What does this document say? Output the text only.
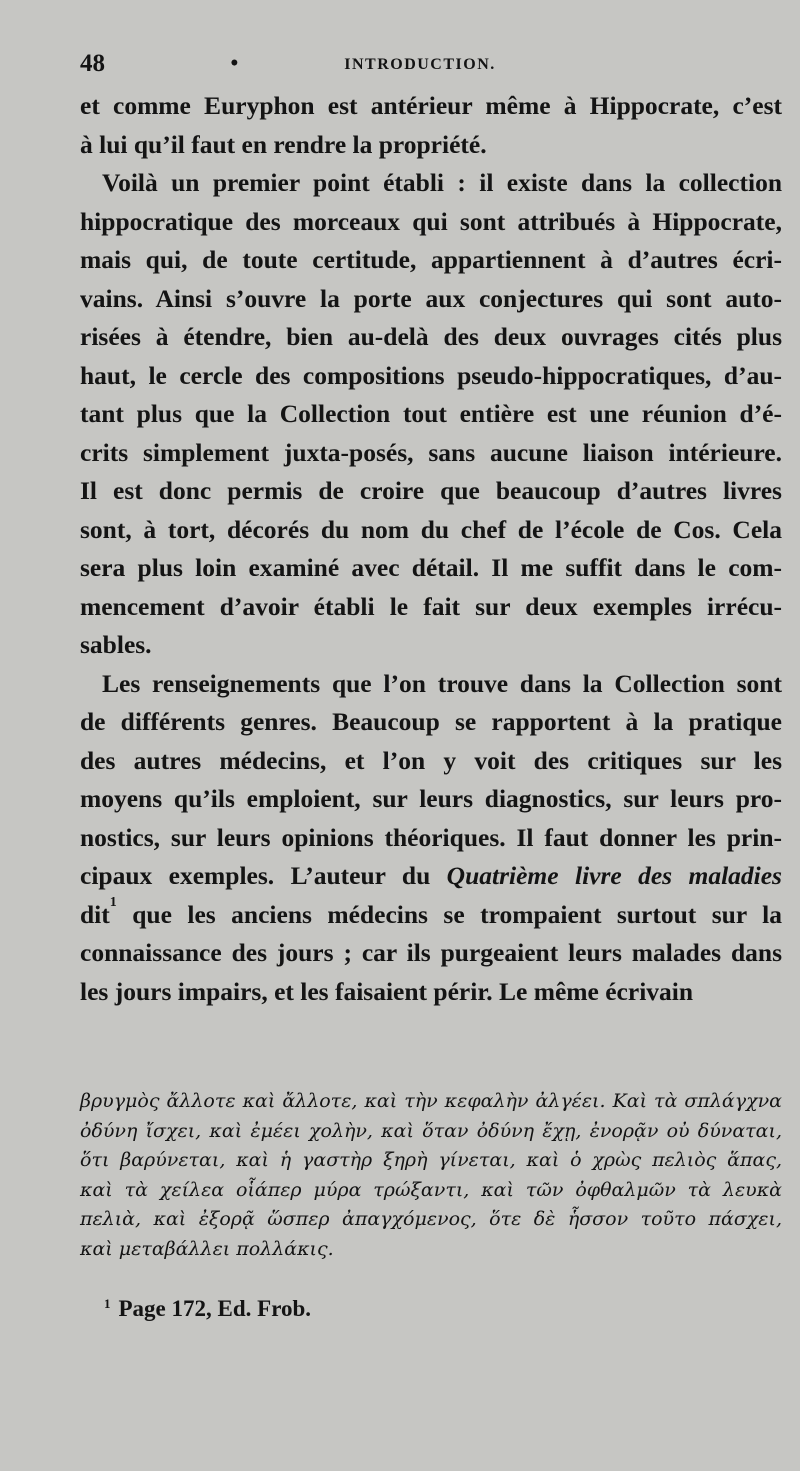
48	•	INTRODUCTION.
et comme Euryphon est antérieur même à Hippocrate, c’est
à lui qu’il faut en rendre la propriété.
Voilà un premier point établi : il existe dans la collection
hippocratique des morceaux qui sont attribués à Hippocrate,
mais qui, de toute certitude, appartiennent à d’autres écri-
vains. Ainsi s’ouvre la porte aux conjectures qui sont auto-
risées à étendre, bien au-delà des deux ouvrages cités plus
haut, le cercle des compositions pseudo-hippocratiques, d’au-
tant plus que la Collection tout entière est une réunion d’é-
crits simplement juxta-posés, sans aucune liaison intérieure.
Il est donc permis de croire que beaucoup d’autres livres
sont, à tort, décorés du nom du chef de l’école de Cos. Cela
sera plus loin examiné avec détail. Il me suffit dans le com-
mencement d’avoir établi le fait sur deux exemples irrécu-
sables.
Les renseignements que l’on trouve dans la Collection sont
de différents genres. Beaucoup se rapportent à la pratique
des autres médecins, et l’on y voit des critiques sur les
moyens qu’ils emploient, sur leurs diagnostics, sur leurs pro-
nostics, sur leurs opinions théoriques. Il faut donner les prin-
cipaux exemples. L’auteur du Quatrième livre des maladies
dit$^1$ que les anciens médecins se trompaient surtout sur la
connaissance des jours ; car ils purgeaient leurs malades dans
les jours impairs, et les faisaient périr. Le même écrivain
βρυγμὸς ἄλλοτε καὶ ἄλλοτε, καὶ τὴν κεφαλὴν ἀλγέει. Καὶ τὰ σπλάγχνα
ὀδύνη ἴσχει, καὶ ἐμέει χολὴν, καὶ ὅταν ὀδύνη ἔχῃ, ἐνορᾷν οὐ δύναται,
ὅτι βαρύνεται, καὶ ἡ γαστὴρ ξηρὴ γίνεται, καὶ ὁ χρὼς πελιὸς ἅπας,
καὶ τὰ χείλεα οἷάπερ μύρα τρώξαντι, καὶ τῶν ὀφθαλμῶν τὰ λευκὰ
πελιὰ, καὶ ἐξορᾷ ὥσπερ ἀπαγχόμενος, ὅτε δὲ ἧσσον τοῦτο πάσχει,
καὶ μεταβάλλει πολλάκις.
$^1$ Page 172, Ed. Frob.
